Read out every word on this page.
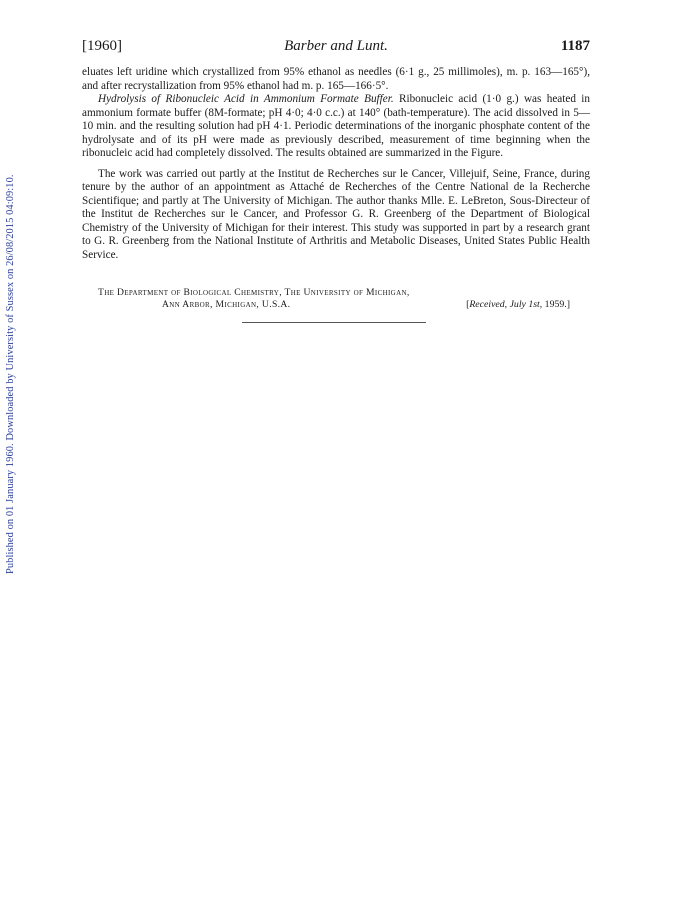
Published on 01 January 1960. Downloaded by University of Sussex on 26/08/2015 04:09:10.
[1960]	Barber and Lunt.	1187

eluates left uridine which crystallized from 95% ethanol as needles (6·1 g., 25 millimoles), m. p. 163—165°), and after recrystallization from 95% ethanol had m. p. 165—166·5°.

Hydrolysis of Ribonucleic Acid in Ammonium Formate Buffer. Ribonucleic acid (1·0 g.) was heated in ammonium formate buffer (8M-formate; pH 4·0; 4·0 c.c.) at 140° (bath-temperature). The acid dissolved in 5—10 min. and the resulting solution had pH 4·1. Periodic determinations of the inorganic phosphate content of the hydrolysate and of its pH were made as previously described, measurement of time beginning when the ribonucleic acid had completely dissolved. The results obtained are summarized in the Figure.

The work was carried out partly at the Institut de Recherches sur le Cancer, Villejuif, Seine, France, during tenure by the author of an appointment as Attaché de Recherches of the Centre National de la Recherche Scientifique; and partly at The University of Michigan. The author thanks Mlle. E. LeBreton, Sous-Directeur of the Institut de Recherches sur le Cancer, and Professor G. R. Greenberg of the Department of Biological Chemistry of the University of Michigan for their interest. This study was supported in part by a research grant to G. R. Greenberg from the National Institute of Arthritis and Metabolic Diseases, United States Public Health Service.

The Department of Biological Chemistry, The University of Michigan,
Ann Arbor, Michigan, U.S.A.	[Received, July 1st, 1959.]
